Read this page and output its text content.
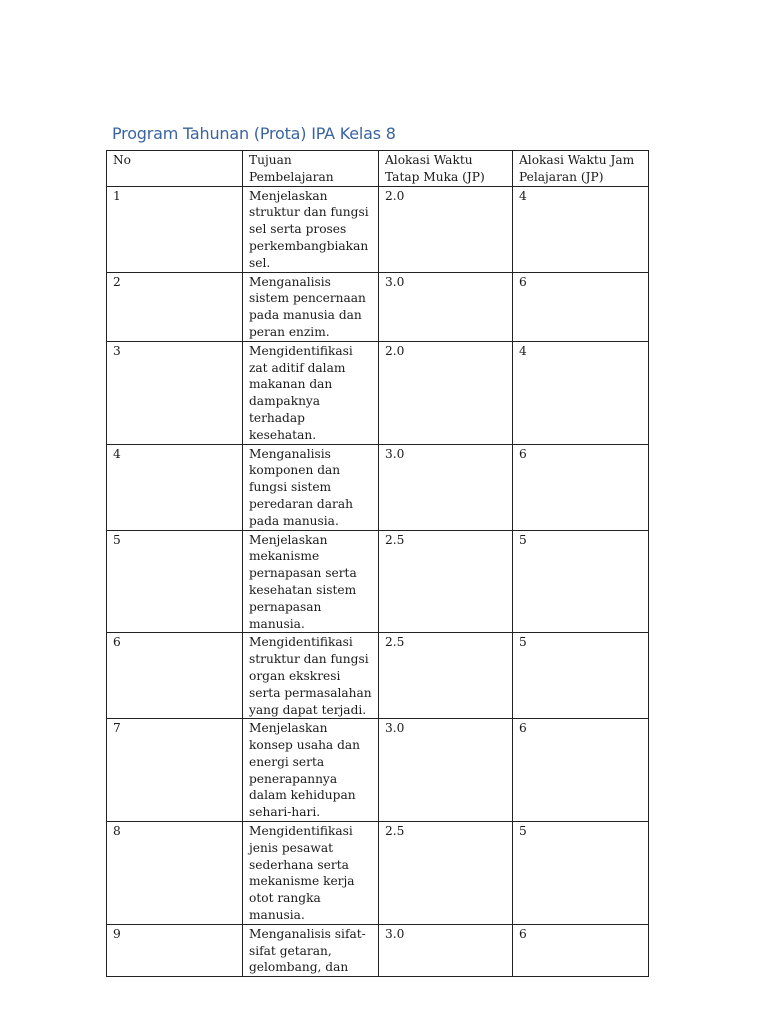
Program Tahunan (Prota) IPA Kelas 8
No	Tujuan Pembelajaran	Alokasi Waktu Tatap Muka (JP)	Alokasi Waktu Jam Pelajaran (JP)
1	Menjelaskan struktur dan fungsi sel serta proses perkembangbiakan sel.	2.0	4
2	Menganalisis sistem pencernaan pada manusia dan peran enzim.	3.0	6
3	Mengidentifikasi zat aditif dalam makanan dan dampaknya terhadap kesehatan.	2.0	4
4	Menganalisis komponen dan fungsi sistem peredaran darah pada manusia.	3.0	6
5	Menjelaskan mekanisme pernapasan serta kesehatan sistem pernapasan manusia.	2.5	5
6	Mengidentifikasi struktur dan fungsi organ ekskresi serta permasalahan yang dapat terjadi.	2.5	5
7	Menjelaskan konsep usaha dan energi serta penerapannya dalam kehidupan sehari-hari.	3.0	6
8	Mengidentifikasi jenis pesawat sederhana serta mekanisme kerja otot rangka manusia.	2.5	5
9	Menganalisis sifat-sifat getaran, gelombang, dan	3.0	6
